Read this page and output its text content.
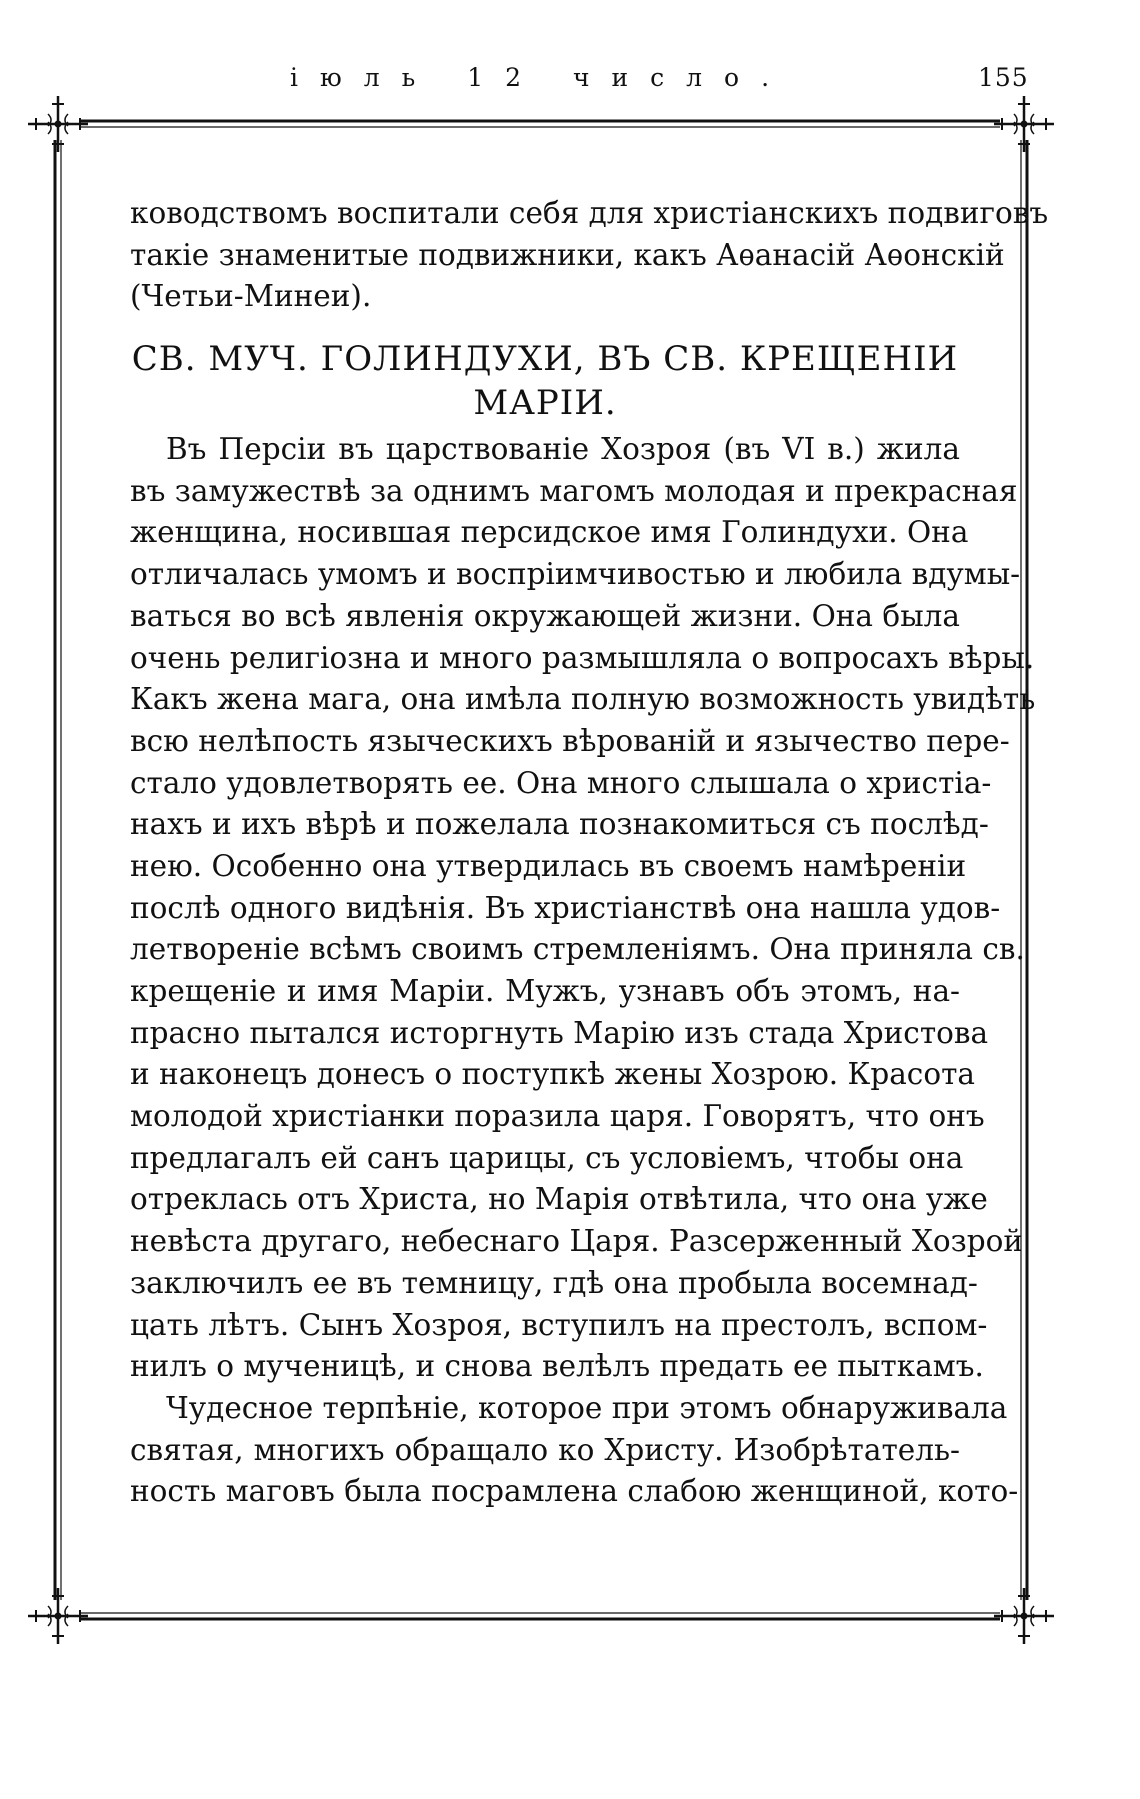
іюль 12 число.	155
ководствомъ воспитали себя для христіанскихъ подвиговъ
такіе знаменитые подвижники, какъ Аѳанасій Аѳонскій
(Четьи-Минеи).
СВ. МУЧ. ГОЛИНДУХИ, ВЪ СВ. КРЕЩЕНІИ
МАРІИ.
Въ Персіи въ царствованіе Хозроя (въ VI в.) жила
въ замужествѣ за однимъ магомъ молодая и прекрасная
женщина, носившая персидское имя Голиндухи. Она
отличалась умомъ и воспріимчивостью и любила вдумы-
ваться во всѣ явленія окружающей жизни. Она была
очень религіозна и много размышляла о вопросахъ вѣры.
Какъ жена мага, она имѣла полную возможность увидѣть
всю нелѣпость языческихъ вѣрованій и язычество пере-
стало удовлетворять ее. Она много слышала о христіа-
нахъ и ихъ вѣрѣ и пожелала познакомиться съ послѣд-
нею. Особенно она утвердилась въ своемъ намѣреніи
послѣ одного видѣнія. Въ христіанствѣ она нашла удов-
летвореніе всѣмъ своимъ стремленіямъ. Она приняла св.
крещеніе и имя Маріи. Мужъ, узнавъ объ этомъ, на-
прасно пытался исторгнуть Марію изъ стада Христова
и наконецъ донесъ о поступкѣ жены Хозрою. Красота
молодой христіанки поразила царя. Говорятъ, что онъ
предлагалъ ей санъ царицы, съ условіемъ, чтобы она
отреклась отъ Христа, но Марія отвѣтила, что она уже
невѣста другаго, небеснаго Царя. Разсерженный Хозрой
заключилъ ее въ темницу, гдѣ она пробыла восемнад-
цать лѣтъ. Сынъ Хозроя, вступилъ на престолъ, вспом-
нилъ о мученицѣ, и снова велѣлъ предать ее пыткамъ.
Чудесное терпѣніе, которое при этомъ обнаруживала
святая, многихъ обращало ко Христу. Изобрѣтатель-
ность маговъ была посрамлена слабою женщиной, кото-
